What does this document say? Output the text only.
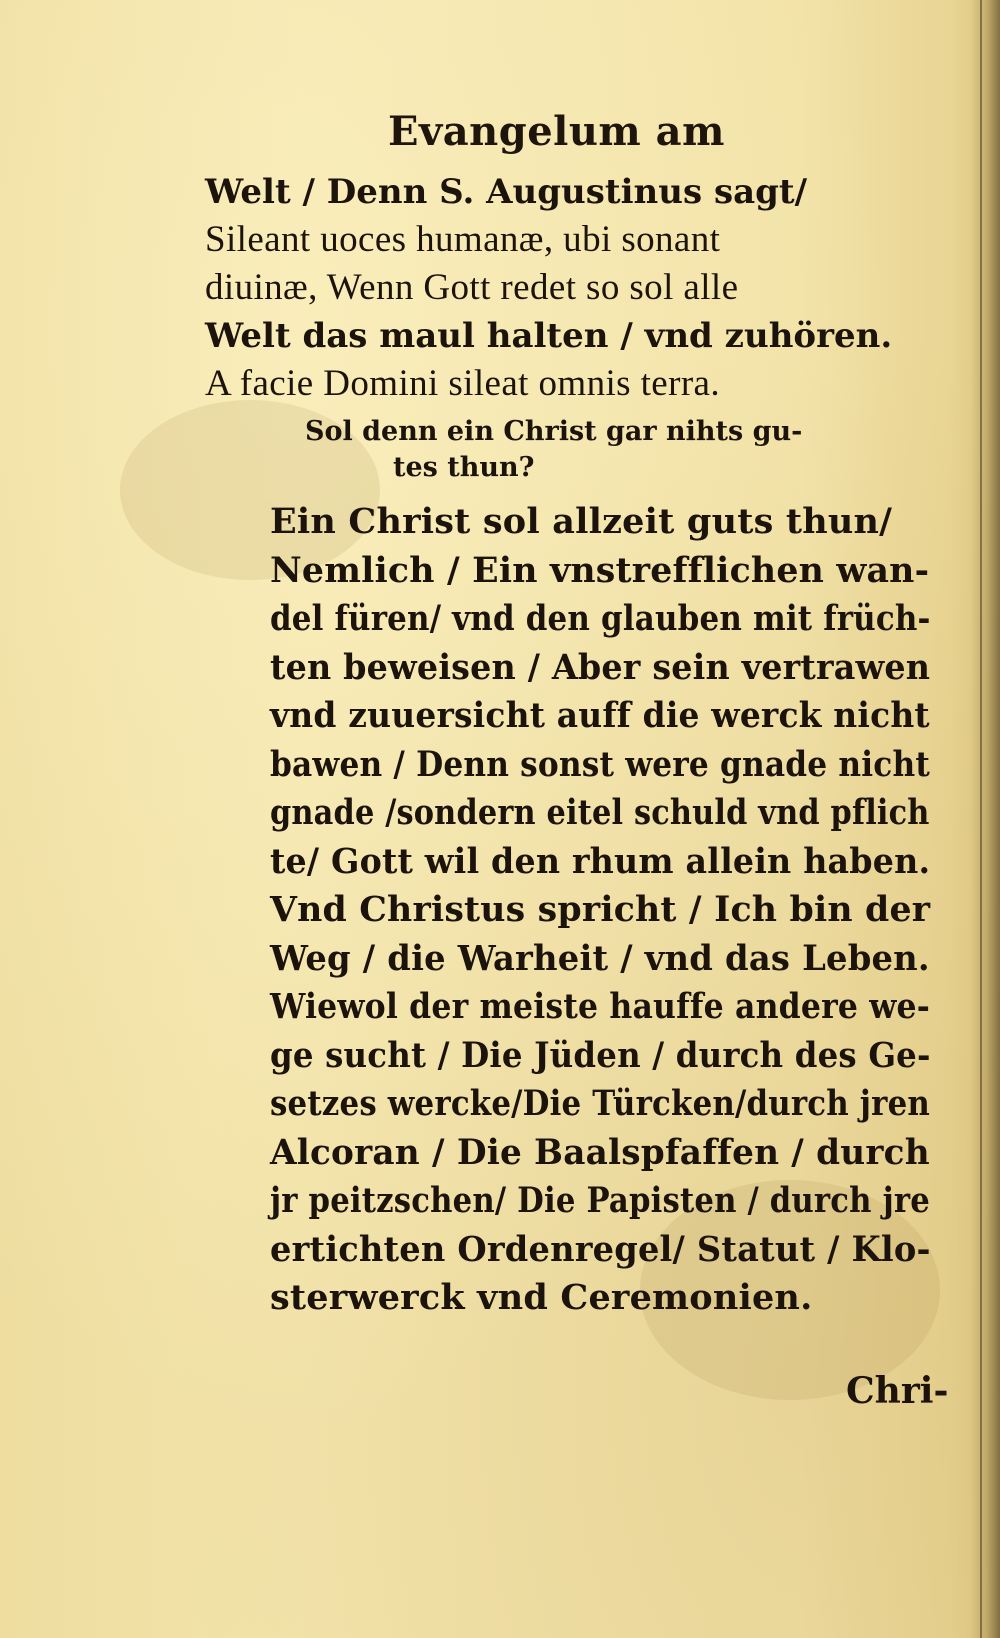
Evangelum am
Welt / Denn S. Augustinus sagt/
Sileant uoces humanæ, ubi sonant
diuinæ, Wenn Gott redet so sol alle
Welt das maul halten / vnd zuhören.
A facie Domini sileat omnis terra.
Sol denn ein Christ gar nihts gu-
tes thun?
Ein Christ sol allzeit guts thun/
Nemlich / Ein vnstrefflichen wan-
del füren/ vnd den glauben mit früch-
ten beweisen / Aber sein vertrawen
vnd zuuersicht auff die werck nicht
bawen / Denn sonst were gnade nicht
gnade /sondern eitel schuld vnd pflich
te/ Gott wil den rhum allein haben.
Vnd Christus spricht / Ich bin der
Weg / die Warheit / vnd das Leben.
Wiewol der meiste hauffe andere we-
ge sucht / Die Jüden / durch des Ge-
setzes wercke/Die Türcken/durch jren
Alcoran / Die Baalspfaffen / durch
jr peitzschen/ Die Papisten / durch jre
ertichten Ordenregel/ Statut / Klo-
sterwerck vnd Ceremonien.
Chri-
